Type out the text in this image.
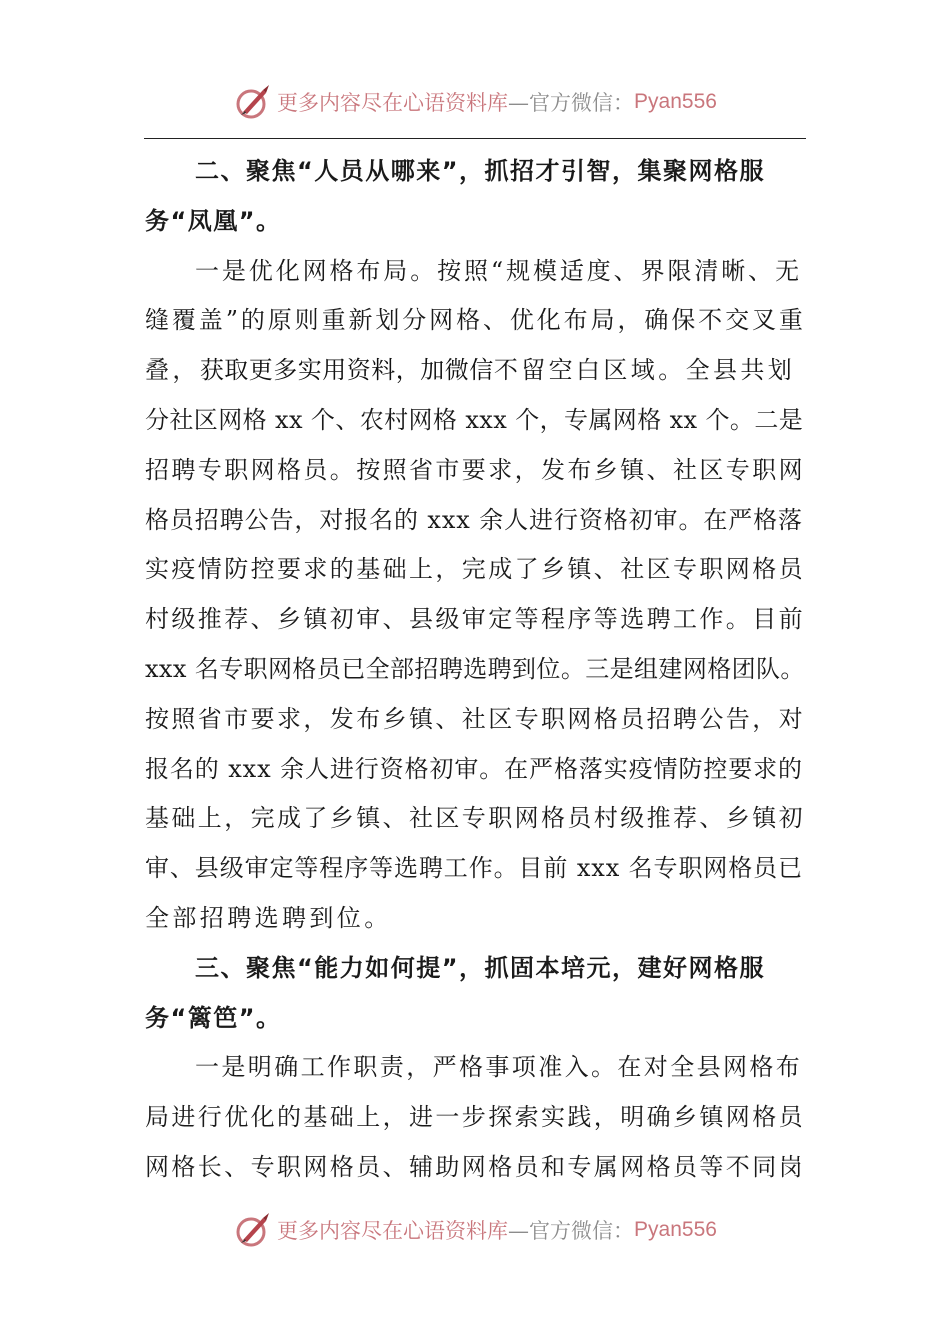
更多内容尽在心语资料库 —官方微信： Pyan556
二、聚焦“人员从哪来”，抓招才引智，集聚网格服
务“凤凰”。
一是优化网格布局。按照“规模适度、界限清晰、无
缝覆盖”的原则重新划分网格、优化布局，确保不交叉重
叠，获取更多实用资料，加微信不留空白区域。全县共划
分社区网格 xx 个、农村网格 xxx 个，专属网格 xx 个。二是
招聘专职网格员。按照省市要求，发布乡镇、社区专职网
格员招聘公告，对报名的 xxx 余人进行资格初审。在严格落
实疫情防控要求的基础上，完成了乡镇、社区专职网格员
村级推荐、乡镇初审、县级审定等程序等选聘工作。目前
xxx 名专职网格员已全部招聘选聘到位。三是组建网格团队。
按照省市要求，发布乡镇、社区专职网格员招聘公告，对
报名的 xxx 余人进行资格初审。在严格落实疫情防控要求的
基础上，完成了乡镇、社区专职网格员村级推荐、乡镇初
审、县级审定等程序等选聘工作。目前 xxx 名专职网格员已
全部招聘选聘到位。
三、聚焦“能力如何提”，抓固本培元，建好网格服
务“篱笆”。
一是明确工作职责，严格事项准入。在对全县网格布
局进行优化的基础上，进一步探索实践，明确乡镇网格员
网格长、专职网格员、辅助网格员和专属网格员等不同岗
更多内容尽在心语资料库 —官方微信： Pyan556
